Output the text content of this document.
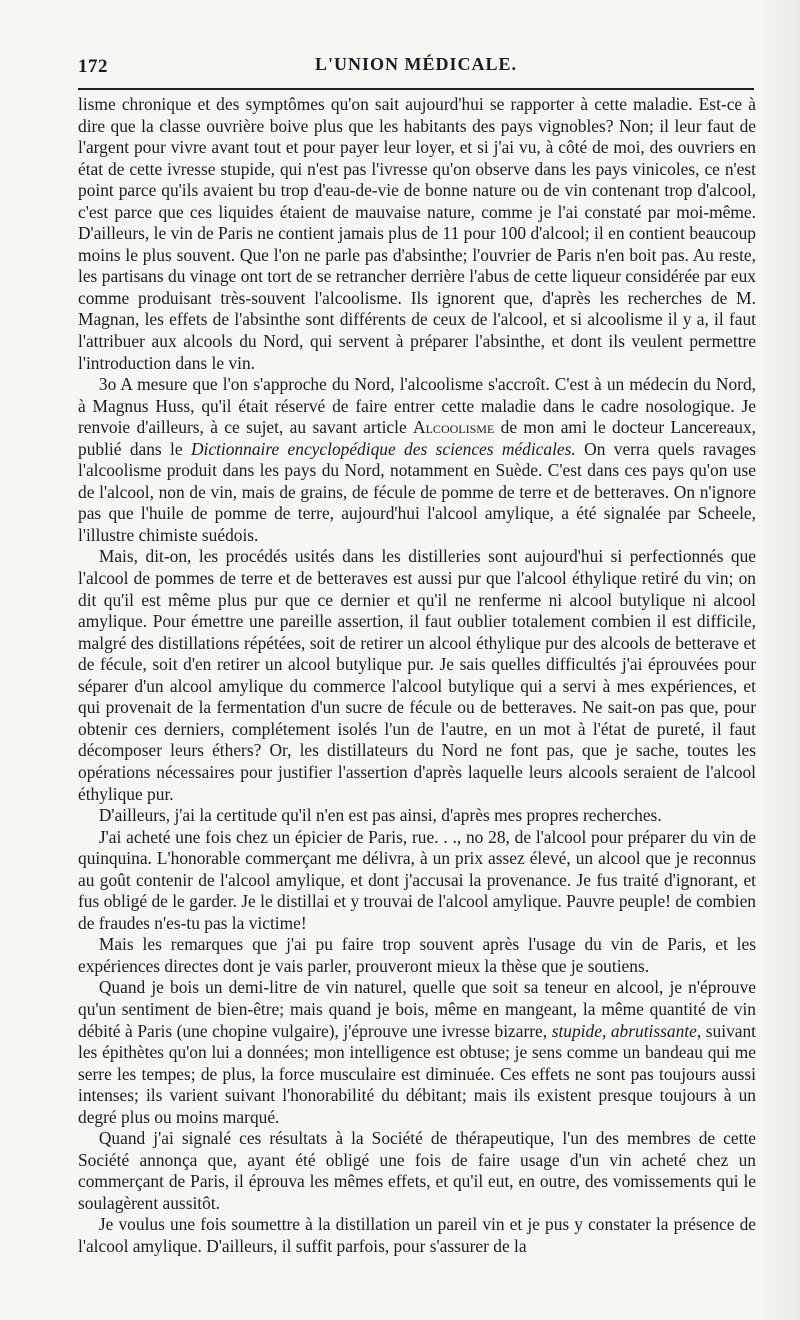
172	L'UNION MÉDICALE.

lisme chronique et des symptômes qu'on sait aujourd'hui se rapporter à cette maladie. Est-ce à dire que la classe ouvrière boive plus que les habitants des pays vignobles? Non; il leur faut de l'argent pour vivre avant tout et pour payer leur loyer, et si j'ai vu, à côté de moi, des ouvriers en état de cette ivresse stupide, qui n'est pas l'ivresse qu'on observe dans les pays vinicoles, ce n'est point parce qu'ils avaient bu trop d'eau-de-vie de bonne nature ou de vin contenant trop d'alcool, c'est parce que ces liquides étaient de mauvaise nature, comme je l'ai constaté par moi-même. D'ailleurs, le vin de Paris ne contient jamais plus de 11 pour 100 d'alcool; il en contient beaucoup moins le plus souvent. Que l'on ne parle pas d'absinthe; l'ouvrier de Paris n'en boit pas. Au reste, les partisans du vinage ont tort de se retrancher derrière l'abus de cette liqueur considérée par eux comme produisant très-souvent l'alcoolisme. Ils ignorent que, d'après les recherches de M. Magnan, les effets de l'absinthe sont différents de ceux de l'alcool, et si alcoolisme il y a, il faut l'attribuer aux alcools du Nord, qui servent à préparer l'absinthe, et dont ils veulent permettre l'introduction dans le vin.

3o A mesure que l'on s'approche du Nord, l'alcoolisme s'accroît. C'est à un médecin du Nord, à Magnus Huss, qu'il était réservé de faire entrer cette maladie dans le cadre nosologique. Je renvoie d'ailleurs, à ce sujet, au savant article Alcoolisme de mon ami le docteur Lancereaux, publié dans le Dictionnaire encyclopédique des sciences médicales. On verra quels ravages l'alcoolisme produit dans les pays du Nord, notamment en Suède. C'est dans ces pays qu'on use de l'alcool, non de vin, mais de grains, de fécule de pomme de terre et de betteraves. On n'ignore pas que l'huile de pomme de terre, aujourd'hui l'alcool amylique, a été signalée par Scheele, l'illustre chimiste suédois.

Mais, dit-on, les procédés usités dans les distilleries sont aujourd'hui si perfectionnés que l'alcool de pommes de terre et de betteraves est aussi pur que l'alcool éthylique retiré du vin; on dit qu'il est même plus pur que ce dernier et qu'il ne renferme ni alcool butylique ni alcool amylique. Pour émettre une pareille assertion, il faut oublier totalement combien il est difficile, malgré des distillations répétées, soit de retirer un alcool éthylique pur des alcools de betterave et de fécule, soit d'en retirer un alcool butylique pur. Je sais quelles difficultés j'ai éprouvées pour séparer d'un alcool amylique du commerce l'alcool butylique qui a servi à mes expériences, et qui provenait de la fermentation d'un sucre de fécule ou de betteraves. Ne sait-on pas que, pour obtenir ces derniers, complétement isolés l'un de l'autre, en un mot à l'état de pureté, il faut décomposer leurs éthers? Or, les distillateurs du Nord ne font pas, que je sache, toutes les opérations nécessaires pour justifier l'assertion d'après laquelle leurs alcools seraient de l'alcool éthylique pur.

D'ailleurs, j'ai la certitude qu'il n'en est pas ainsi, d'après mes propres recherches.

J'ai acheté une fois chez un épicier de Paris, rue. . ., no 28, de l'alcool pour préparer du vin de quinquina. L'honorable commerçant me délivra, à un prix assez élevé, un alcool que je reconnus au goût contenir de l'alcool amylique, et dont j'accusai la provenance. Je fus traité d'ignorant, et fus obligé de le garder. Je le distillai et y trouvai de l'alcool amylique. Pauvre peuple! de combien de fraudes n'es-tu pas la victime!

Mais les remarques que j'ai pu faire trop souvent après l'usage du vin de Paris, et les expériences directes dont je vais parler, prouveront mieux la thèse que je soutiens.

Quand je bois un demi-litre de vin naturel, quelle que soit sa teneur en alcool, je n'éprouve qu'un sentiment de bien-être; mais quand je bois, même en mangeant, la même quantité de vin débité à Paris (une chopine vulgaire), j'éprouve une ivresse bizarre, stupide, abrutissante, suivant les épithètes qu'on lui a données; mon intelligence est obtuse; je sens comme un bandeau qui me serre les tempes; de plus, la force musculaire est diminuée. Ces effets ne sont pas toujours aussi intenses; ils varient suivant l'honorabilité du débitant; mais ils existent presque toujours à un degré plus ou moins marqué.

Quand j'ai signalé ces résultats à la Société de thérapeutique, l'un des membres de cette Société annonça que, ayant été obligé une fois de faire usage d'un vin acheté chez un commerçant de Paris, il éprouva les mêmes effets, et qu'il eut, en outre, des vomissements qui le soulagèrent aussitôt.

Je voulus une fois soumettre à la distillation un pareil vin et je pus y constater la présence de l'alcool amylique. D'ailleurs, il suffit parfois, pour s'assurer de la
